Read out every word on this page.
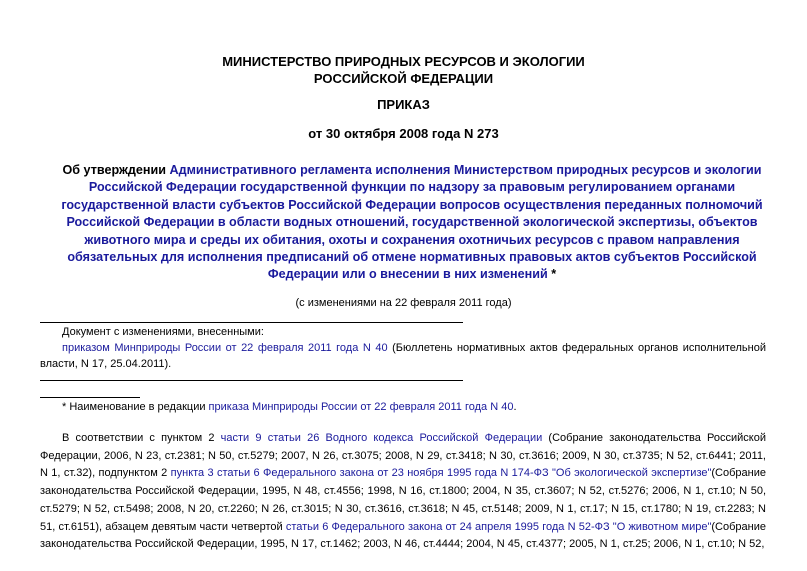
МИНИСТЕРСТВО ПРИРОДНЫХ РЕСУРСОВ И ЭКОЛОГИИ
РОССИЙСКОЙ ФЕДЕРАЦИИ
ПРИКАЗ
от 30 октября 2008 года N 273
Об утверждении Административного регламента исполнения Министерством природных ресурсов и экологии Российской Федерации государственной функции по надзору за правовым регулированием органами государственной власти субъектов Российской Федерации вопросов осуществления переданных полномочий Российской Федерации в области водных отношений, государственной экологической экспертизы, объектов животного мира и среды их обитания, охоты и сохранения охотничьих ресурсов с правом направления обязательных для исполнения предписаний об отмене нормативных правовых актов субъектов Российской Федерации или о внесении в них изменений *
(с изменениями на 22 февраля 2011 года)
Документ с изменениями, внесенными:
приказом Минприроды России от 22 февраля 2011 года N 40 (Бюллетень нормативных актов федеральных органов исполнительной власти, N 17, 25.04.2011).
* Наименование в редакции приказа Минприроды России от 22 февраля 2011 года N 40.
В соответствии с пунктом 2 части 9 статьи 26 Водного кодекса Российской Федерации (Собрание законодательства Российской Федерации, 2006, N 23, ст.2381; N 50, ст.5279; 2007, N 26, ст.3075; 2008, N 29, ст.3418; N 30, ст.3616; 2009, N 30, ст.3735; N 52, ст.6441; 2011, N 1, ст.32), подпунктом 2 пункта 3 статьи 6 Федерального закона от 23 ноября 1995 года N 174-ФЗ "Об экологической экспертизе"(Собрание законодательства Российской Федерации, 1995, N 48, ст.4556; 1998, N 16, ст.1800; 2004, N 35, ст.3607; N 52, ст.5276; 2006, N 1, ст.10; N 50, ст.5279; N 52, ст.5498; 2008, N 20, ст.2260; N 26, ст.3015; N 30, ст.3616, ст.3618; N 45, ст.5148; 2009, N 1, ст.17; N 15, ст.1780; N 19, ст.2283; N 51, ст.6151), абзацем девятым части четвертой статьи 6 Федерального закона от 24 апреля 1995 года N 52-ФЗ "О животном мире"(Собрание законодательства Российской Федерации, 1995, N 17, ст.1462; 2003, N 46, ст.4444; 2004, N 45, ст.4377; 2005, N 1, ст.25; 2006, N 1, ст.10; N 52,
